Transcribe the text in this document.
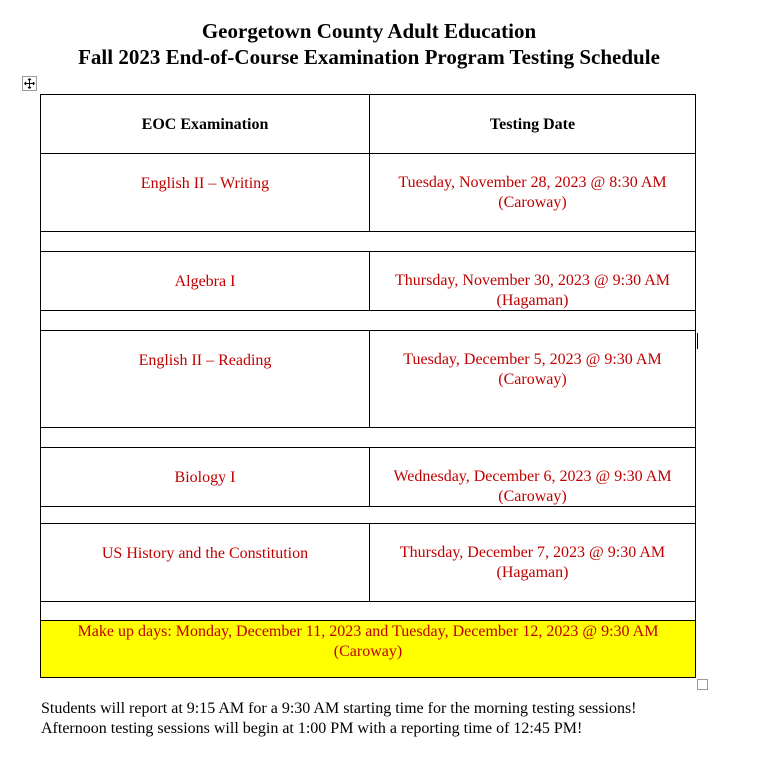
Georgetown County Adult Education
Fall 2023 End-of-Course Examination Program Testing Schedule
EOC Examination	Testing Date
English II – Writing	Tuesday, November 28, 2023 @ 8:30 AM
(Caroway)
Algebra I	Thursday, November 30, 2023 @ 9:30 AM
(Hagaman)
English II – Reading	Tuesday, December 5, 2023 @ 9:30 AM
(Caroway)
Biology I	Wednesday, December 6, 2023 @ 9:30 AM
(Caroway)
US History and the Constitution	Thursday, December 7, 2023 @ 9:30 AM
(Hagaman)
Make up days: Monday, December 11, 2023 and Tuesday, December 12, 2023 @ 9:30 AM
(Caroway)
Students will report at 9:15 AM for a 9:30 AM starting time for the morning testing sessions!
Afternoon testing sessions will begin at 1:00 PM with a reporting time of 12:45 PM!
